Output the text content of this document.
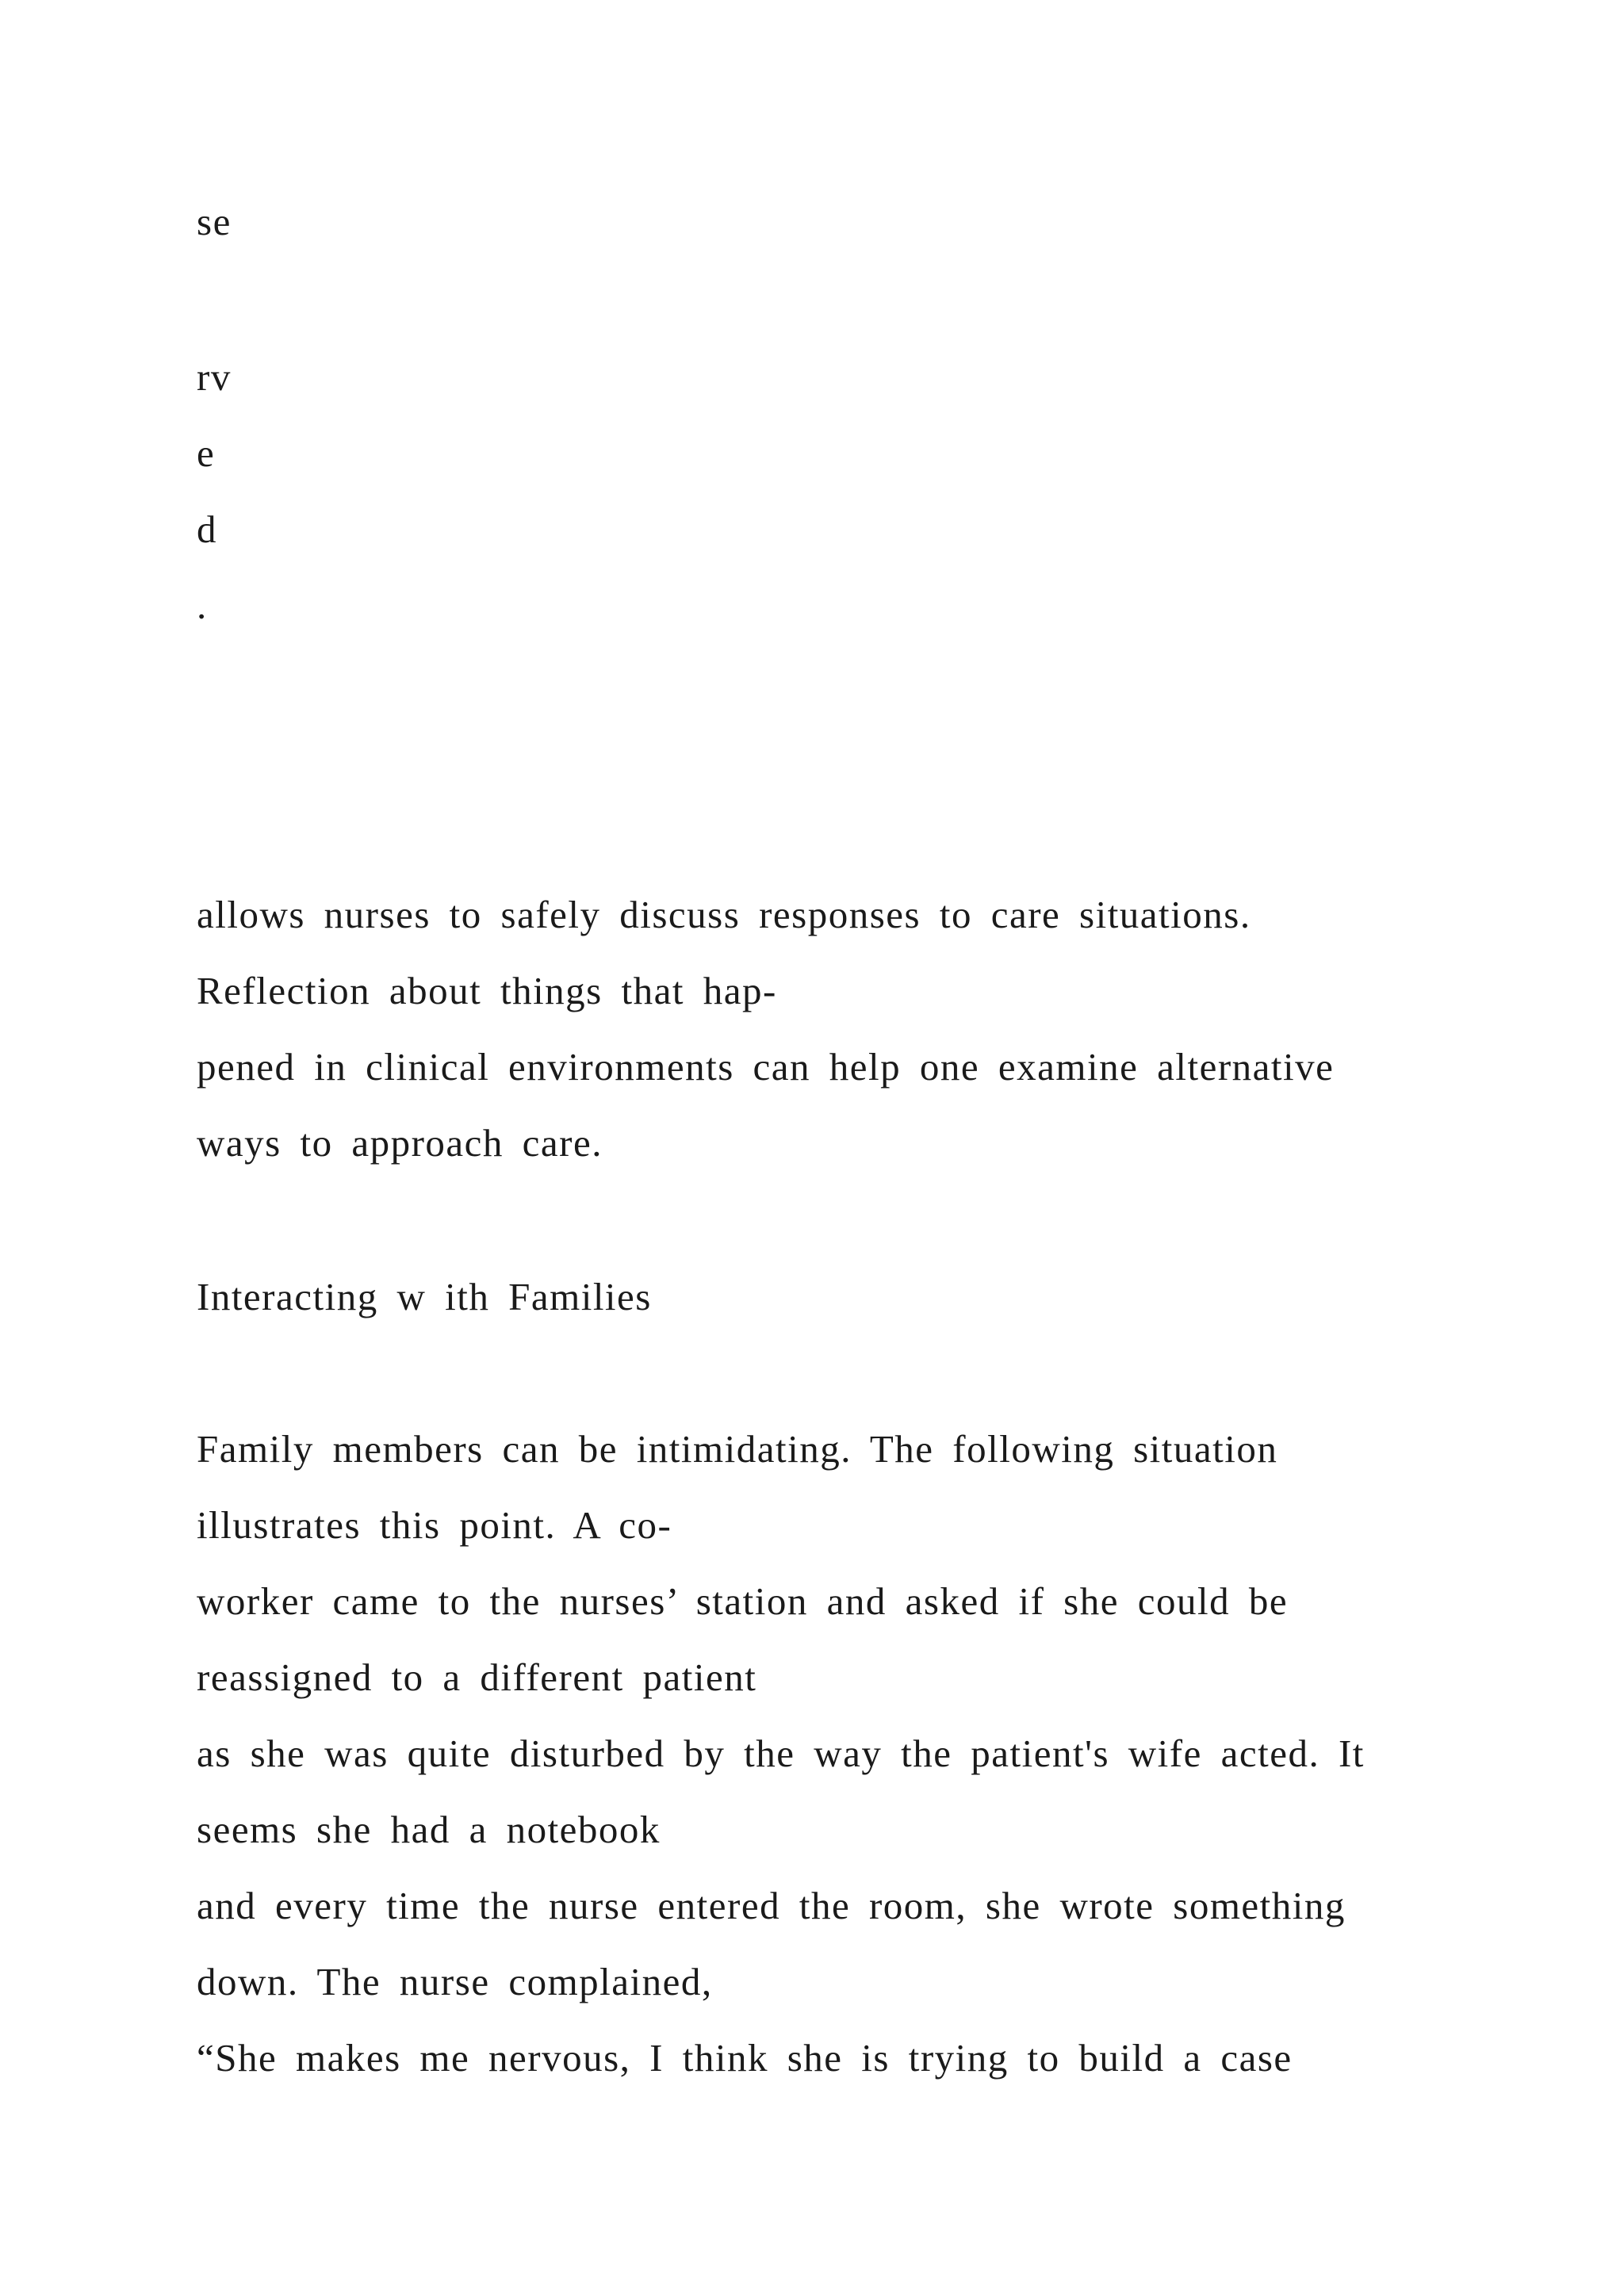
se
rv
e
d
.
allows nurses to safely discuss responses to care situations.
Reflection about things that hap-
pened in clinical environments can help one examine alternative
ways to approach care.
Interacting w ith Families
Family members can be intimidating. The following situation
illustrates this point. A co-
worker came to the nurses’ station and asked if she could be
reassigned to a different patient
as she was quite disturbed by the way the patient's wife acted. It
seems she had a notebook
and every time the nurse entered the room, she wrote something
down. The nurse complained,
“She makes me nervous, I think she is trying to build a case
